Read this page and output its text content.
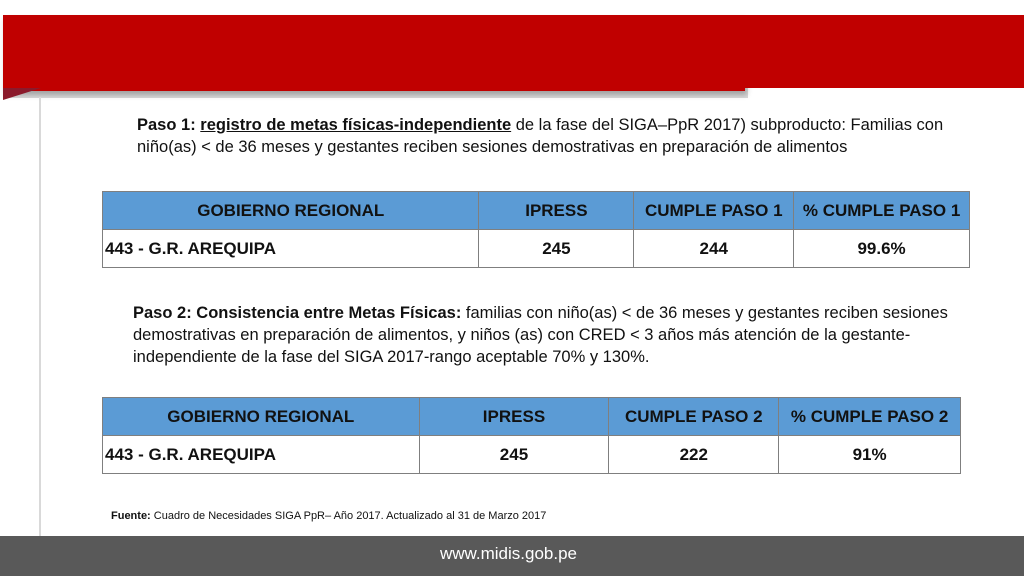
Paso 1: registro de metas físicas-independiente de la fase del SIGA–PpR 2017) subproducto: Familias con niño(as) < de 36 meses y gestantes reciben sesiones demostrativas en preparación de alimentos
GOBIERNO REGIONAL	IPRESS	CUMPLE PASO 1	% CUMPLE PASO 1
443 - G.R. AREQUIPA	245	244	99.6%
Paso 2: Consistencia entre Metas Físicas: familias con niño(as) < de 36 meses y gestantes reciben sesiones demostrativas en preparación de alimentos, y niños (as) con CRED < 3 años más atención de la gestante-independiente de la fase del SIGA 2017-rango aceptable 70% y 130%.
GOBIERNO REGIONAL	IPRESS	CUMPLE PASO 2	% CUMPLE PASO 2
443 - G.R. AREQUIPA	245	222	91%
Fuente: Cuadro de Necesidades SIGA PpR– Año 2017. Actualizado al 31 de Marzo 2017
www.midis.gob.pe
